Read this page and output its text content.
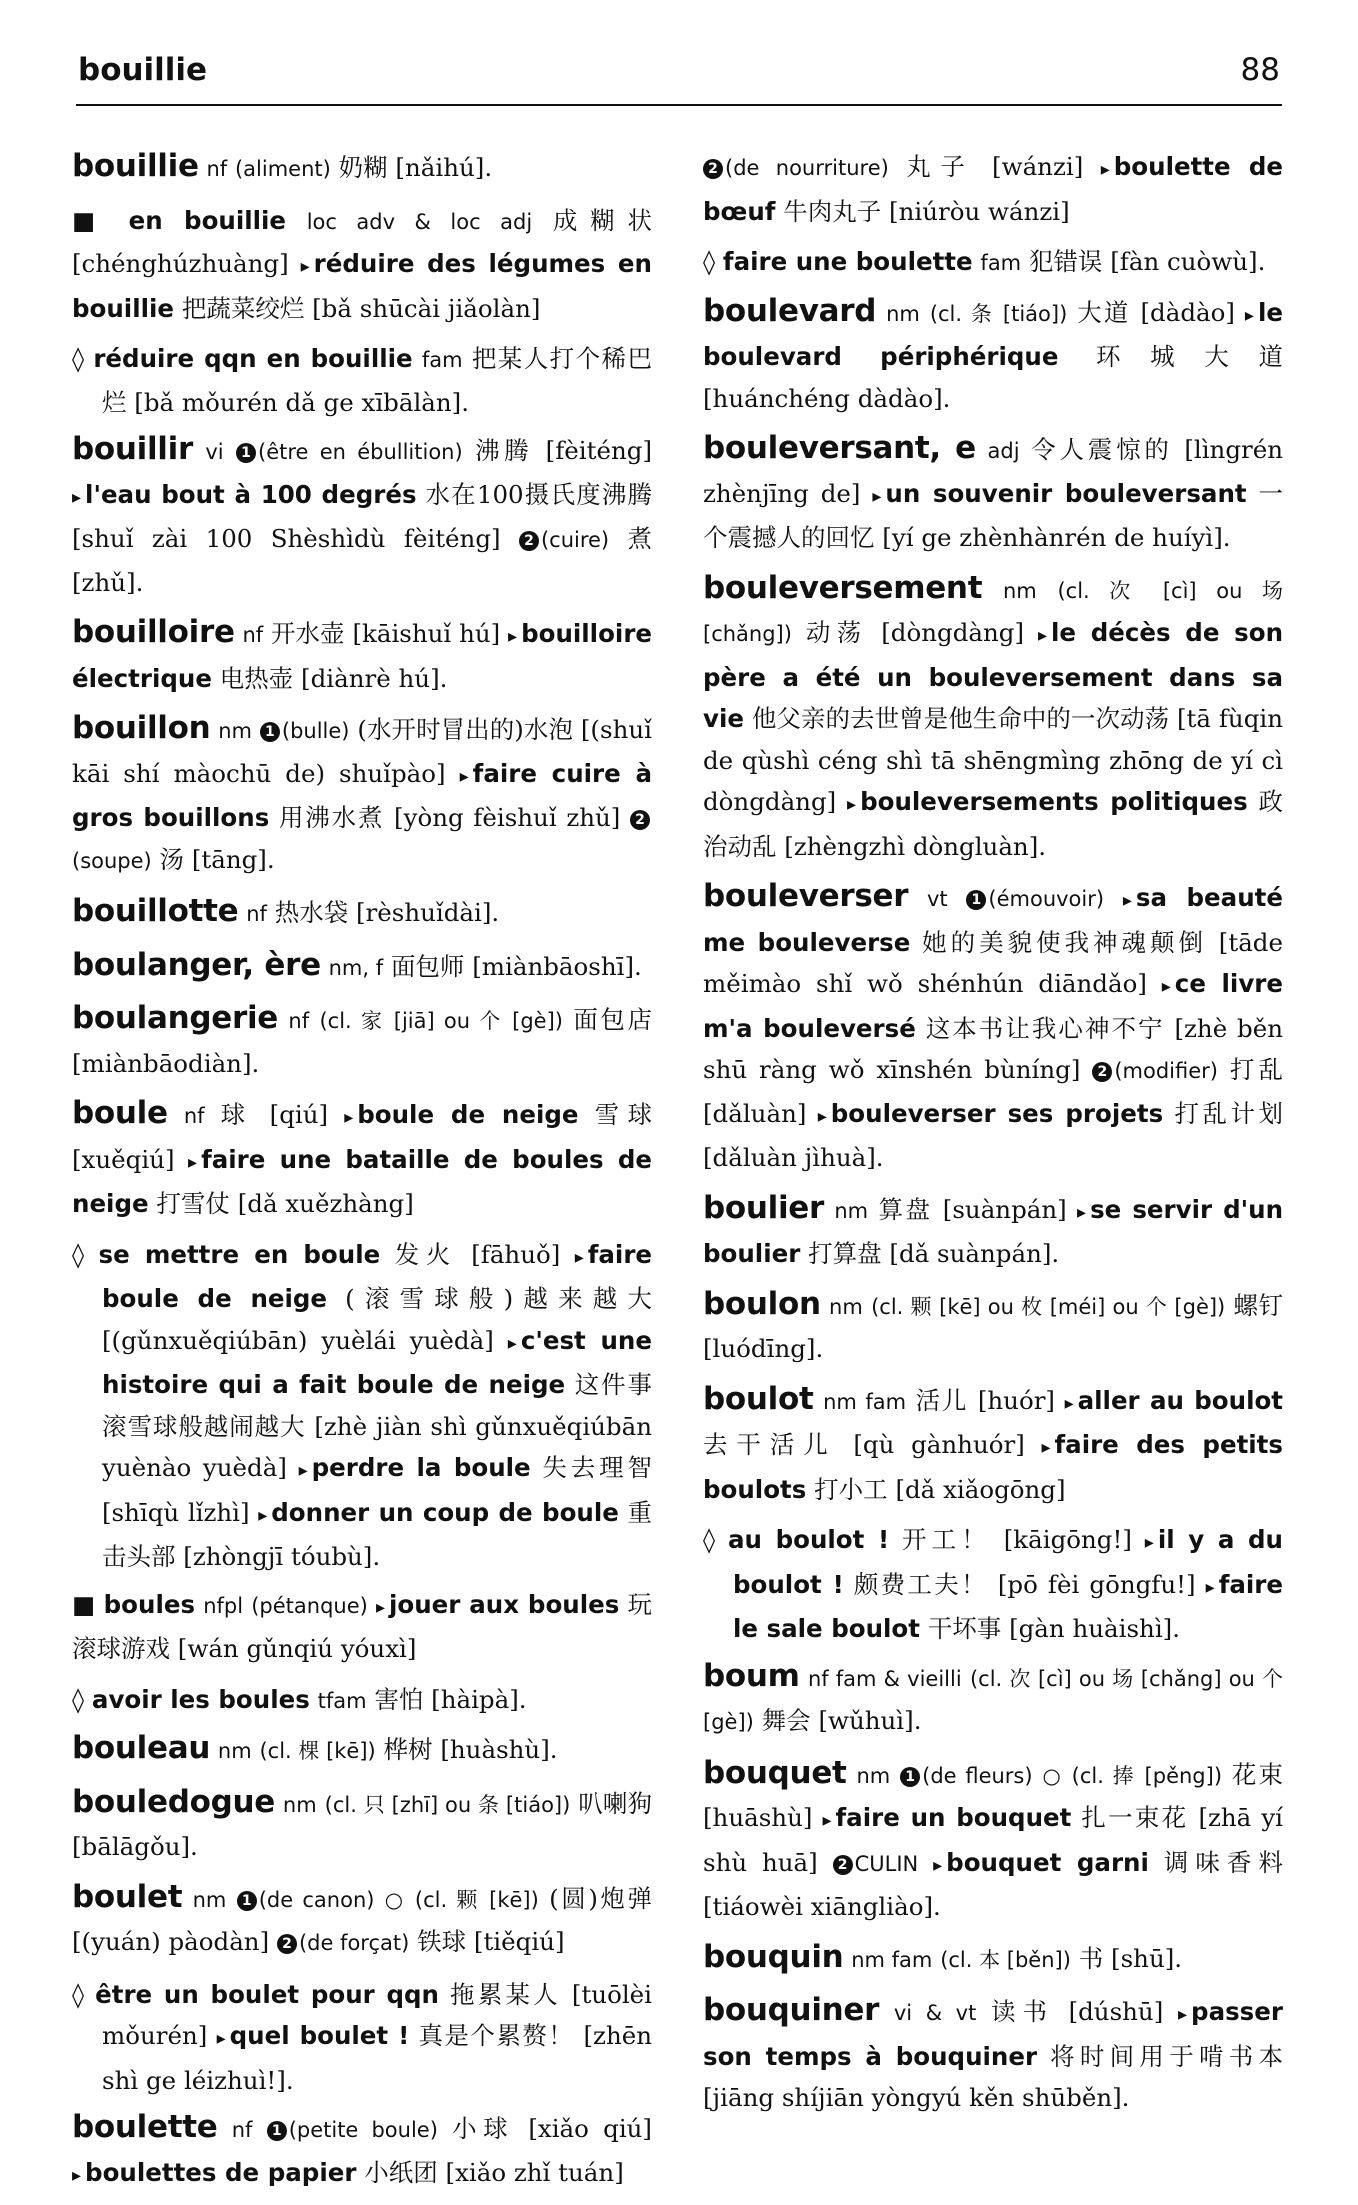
bouillie	88
bouillie nf (aliment) 奶糊 [nǎihú].
■ en bouillie loc adv & loc adj 成糊状 [chénghúzhuàng] ▸ réduire des légumes en bouillie 把蔬菜绞烂 [bǎ shūcài jiǎolàn]
◊ réduire qqn en bouillie fam 把某人打个稀巴烂 [bǎ mǒurén dǎ ge xībālàn].
bouillir vi 1 (être en ébullition) 沸腾 [fèiténg] ▸ l'eau bout à 100 degrés 水在100摄氏度沸腾 [shuǐ zài 100 Shèshìdù fèiténg] 2 (cuire) 煮 [zhǔ].
bouilloire nf 开水壶 [kāishuǐ hú] ▸ bouilloire électrique 电热壶 [diànrè hú].
bouillon nm 1 (bulle) (水开时冒出的)水泡 [(shuǐ kāi shí màochū de) shuǐpào] ▸ faire cuire à gros bouillons 用沸水煮 [yòng fèishuǐ zhǔ] 2(soupe) 汤 [tāng].
bouillotte nf 热水袋 [rèshuǐdài].
boulanger, ère nm, f 面包师 [miànbāoshī].
boulangerie nf (cl. 家 [jiā] ou 个 [gè]) 面包店 [miànbāodiàn].
boule nf 球 [qiú] ▸ boule de neige 雪球 [xuěqiú] ▸ faire une bataille de boules de neige 打雪仗 [dǎ xuězhàng]
◊ se mettre en boule 发火 [fāhuǒ] ▸ faire boule de neige (滚雪球般)越来越大 [(gǔnxuěqiúbān) yuèlái yuèdà] ▸ c'est une histoire qui a fait boule de neige 这件事滚雪球般越闹越大 [zhè jiàn shì gǔnxuěqiúbān yuènào yuèdà] ▸ perdre la boule 失去理智 [shīqù lǐzhì] ▸ donner un coup de boule 重击头部 [zhòngjī tóubù].
■ boules nfpl (pétanque) ▸ jouer aux boules 玩滚球游戏 [wán gǔnqiú yóuxì]
◊ avoir les boules tfam 害怕 [hàipà].
bouleau nm (cl. 棵 [kē]) 桦树 [huàshù].
bouledogue nm (cl. 只 [zhī] ou 条 [tiáo]) 叭喇狗 [bālāgǒu].
boulet nm 1 (de canon) ○ (cl. 颗 [kē]) (圆)炮弹 [(yuán) pàodàn] 2 (de forçat) 铁球 [tiěqiú]
◊ être un boulet pour qqn 拖累某人 [tuōlèi mǒurén] ▸ quel boulet ! 真是个累赘！ [zhēn shì ge léizhuì!].
boulette nf 1 (petite boule) 小球 [xiǎo qiú] ▸ boulettes de papier 小纸团 [xiǎo zhǐ tuán]
2 (de nourriture) 丸子 [wánzi] ▸ boulette de bœuf 牛肉丸子 [niúròu wánzi]
◊ faire une boulette fam 犯错误 [fàn cuòwù].
boulevard nm (cl. 条 [tiáo]) 大道 [dàdào] ▸ le boulevard périphérique 环城大道 [huánchéng dàdào].
bouleversant, e adj 令人震惊的 [lìngrén zhènjīng de] ▸ un souvenir bouleversant 一个震撼人的回忆 [yí ge zhènhànrén de huíyì].
bouleversement nm (cl. 次 [cì] ou 场 [chǎng]) 动荡 [dòngdàng] ▸ le décès de son père a été un bouleversement dans sa vie 他父亲的去世曾是他生命中的一次动荡 [tā fùqin de qùshì céng shì tā shēngmìng zhōng de yí cì dòngdàng] ▸ bouleversements politiques 政治动乱 [zhèngzhì dòngluàn].
bouleverser vt 1 (émouvoir) ▸ sa beauté me bouleverse 她的美貌使我神魂颠倒 [tāde měimào shǐ wǒ shénhún diāndǎo] ▸ ce livre m'a bouleversé 这本书让我心神不宁 [zhè běn shū ràng wǒ xīnshén bùníng] 2 (modifier) 打乱 [dǎluàn] ▸ bouleverser ses projets 打乱计划 [dǎluàn jìhuà].
boulier nm 算盘 [suànpán] ▸ se servir d'un boulier 打算盘 [dǎ suànpán].
boulon nm (cl. 颗 [kē] ou 枚 [méi] ou 个 [gè]) 螺钉 [luódīng].
boulot nm fam 活儿 [huór] ▸ aller au boulot 去干活儿 [qù gànhuór] ▸ faire des petits boulots 打小工 [dǎ xiǎogōng]
◊ au boulot ! 开工！ [kāigōng!] ▸ il y a du boulot ! 颇费工夫！ [pō fèi gōngfu!] ▸ faire le sale boulot 干坏事 [gàn huàishì].
boum nf fam & vieilli (cl. 次 [cì] ou 场 [chǎng] ou 个 [gè]) 舞会 [wǔhuì].
bouquet nm 1 (de fleurs) ○ (cl. 捧 [pěng]) 花束 [huāshù] ▸ faire un bouquet 扎一束花 [zhā yí shù huā] 2 CULIN ▸ bouquet garni 调味香料 [tiáowèi xiāngliào].
bouquin nm fam (cl. 本 [běn]) 书 [shū].
bouquiner vi & vt 读书 [dúshū] ▸ passer son temps à bouquiner 将时间用于啃书本 [jiāng shíjiān yòngyú kěn shūběn].
